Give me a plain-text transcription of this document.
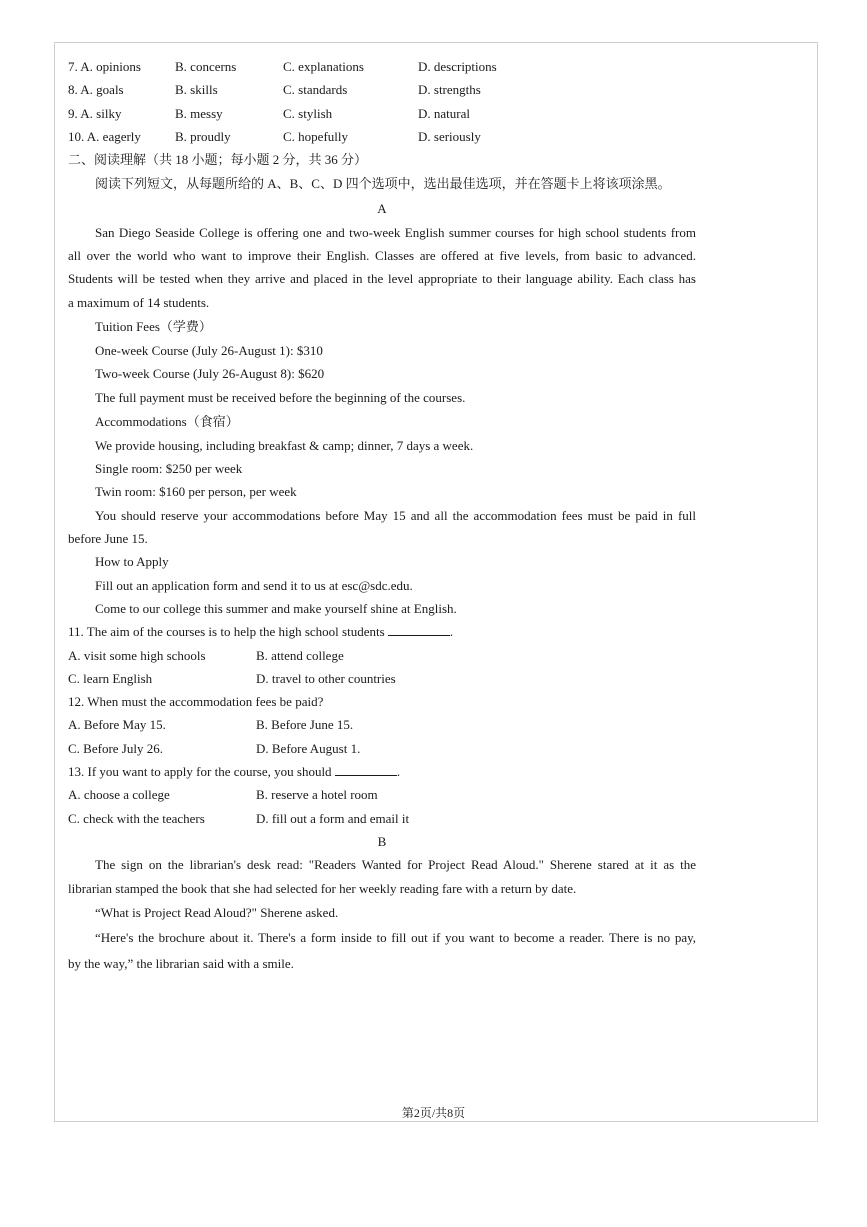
7. A. opinions	B. concerns	C. explanations	D. descriptions
8. A. goals	B. skills	C. standards	D. strengths
9. A. silky	B. messy	C. stylish	D. natural
10. A. eagerly	B. proudly	C. hopefully	D. seriously
二、阅读理解（共 18 小题；每小题 2 分，共 36 分）
阅读下列短文，从每题所给的 A、B、C、D 四个选项中，选出最佳选项，并在答题卡上将该项涂黑。
A
San Diego Seaside College is offering one and two-week English summer courses for high school students from
all over the world who want to improve their English. Classes are offered at five levels, from basic to advanced.
Students will be tested when they arrive and placed in the level appropriate to their language ability. Each class has
a maximum of 14 students.
Tuition Fees（学费）
One-week Course (July 26-August 1): $310
Two-week Course (July 26-August 8): $620
The full payment must be received before the beginning of the courses.
Accommodations（食宿）
We provide housing, including breakfast & camp; dinner, 7 days a week.
Single room: $250 per week
Twin room: $160 per person, per week
You should reserve your accommodations before May 15 and all the accommodation fees must be paid in full
before June 15.
How to Apply
Fill out an application form and send it to us at esc@sdc.edu.
Come to our college this summer and make yourself shine at English.
11. The aim of the courses is to help the high school students	.
A. visit some high schools	B. attend college
C. learn English	D. travel to other countries
12. When must the accommodation fees be paid?
A. Before May 15.	B. Before June 15.
C. Before July 26.	D. Before August 1.
13. If you want to apply for the course, you should	.
A. choose a college	B. reserve a hotel room
C. check with the teachers	D. fill out a form and email it
B
The sign on the librarian's desk read: "Readers Wanted for Project Read Aloud." Sherene stared at it as the
librarian stamped the book that she had selected for her weekly reading fare with a return by date.
“What is Project Read Aloud?" Sherene asked.
“Here's the brochure about it. There's a form inside to fill out if you want to become a reader. There is no pay,
by the way,” the librarian said with a smile.
第2页/共8页
